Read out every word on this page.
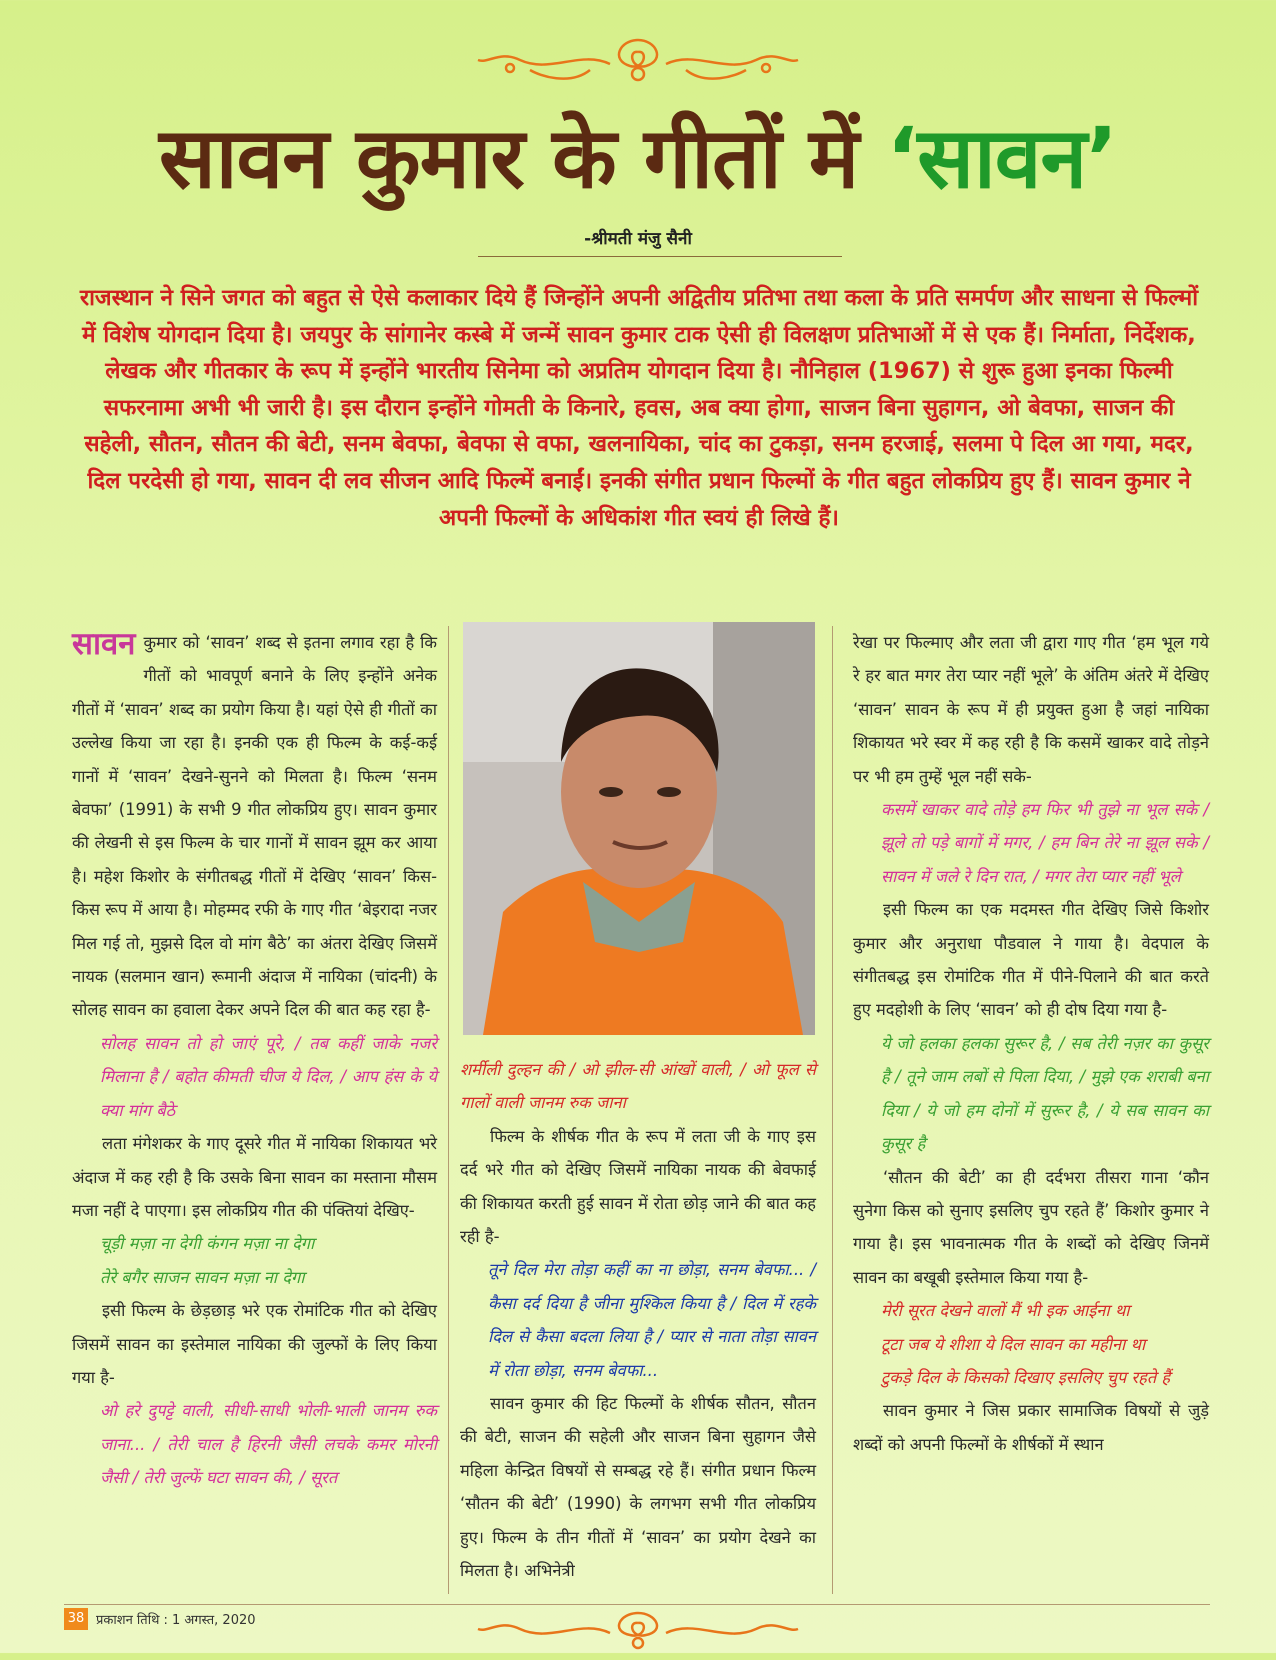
सावन कुमार के गीतों में ‘सावन’
-श्रीमती मंजु सैनी
राजस्थान ने सिने जगत को बहुत से ऐसे कलाकार दिये हैं जिन्होंने अपनी अद्वितीय प्रतिभा तथा कला के प्रति समर्पण और साधना से फिल्मों में विशेष योगदान दिया है। जयपुर के सांगानेर कस्बे में जन्में सावन कुमार टाक ऐसी ही विलक्षण प्रतिभाओं में से एक हैं। निर्माता, निर्देशक, लेखक और गीतकार के रूप में इन्होंने भारतीय सिनेमा को अप्रतिम योगदान दिया है। नौनिहाल (1967) से शुरू हुआ इनका फिल्मी सफरनामा अभी भी जारी है। इस दौरान इन्होंने गोमती के किनारे, हवस, अब क्या होगा, साजन बिना सुहागन, ओ बेवफा, साजन की सहेली, सौतन, सौतन की बेटी, सनम बेवफा, बेवफा से वफा, खलनायिका, चांद का टुकड़ा, सनम हरजाई, सलमा पे दिल आ गया, मदर, दिल परदेसी हो गया, सावन दी लव सीजन आदि फिल्में बनाईं। इनकी संगीत प्रधान फिल्मों के गीत बहुत लोकप्रिय हुए हैं। सावन कुमार ने अपनी फिल्मों के अधिकांश गीत स्वयं ही लिखे हैं।

सावन कुमार को ‘सावन’ शब्द से इतना लगाव रहा है कि गीतों को भावपूर्ण बनाने के लिए इन्होंने अनेक गीतों में ‘सावन’ शब्द का प्रयोग किया है। यहां ऐसे ही गीतों का उल्लेख किया जा रहा है। इनकी एक ही फिल्म के कई-कई गानों में ‘सावन’ देखने-सुनने को मिलता है। फिल्म ‘सनम बेवफा’ (1991) के सभी 9 गीत लोकप्रिय हुए। सावन कुमार की लेखनी से इस फिल्म के चार गानों में सावन झूम कर आया है। महेश किशोर के संगीतबद्ध गीतों में देखिए ‘सावन’ किस-किस रूप में आया है। मोहम्मद रफी के गाए गीत ‘बेइरादा नजर मिल गई तो, मुझसे दिल वो मांग बैठे’ का अंतरा देखिए जिसमें नायक (सलमान खान) रूमानी अंदाज में नायिका (चांदनी) के सोलह सावन का हवाला देकर अपने दिल की बात कह रहा है-

सोलह सावन तो हो जाएं पूरे, / तब कहीं जाके नजरे मिलाना है / बहोत कीमती चीज ये दिल, / आप हंस के ये क्या मांग बैठे

लता मंगेशकर के गाए दूसरे गीत में नायिका शिकायत भरे अंदाज में कह रही है कि उसके बिना सावन का मस्ताना मौसम मजा नहीं दे पाएगा। इस लोकप्रिय गीत की पंक्तियां देखिए-

चूड़ी मज़ा ना देगी कंगन मज़ा ना देगा
तेरे बगैर साजन सावन मज़ा ना देगा

इसी फिल्म के छेड़छाड़ भरे एक रोमांटिक गीत को देखिए जिसमें सावन का इस्तेमाल नायिका की जुल्फों के लिए किया गया है-

ओ हरे दुपट्टे वाली, सीधी-साधी भोली-भाली जानम रुक जाना... / तेरी चाल है हिरनी जैसी लचके कमर मोरनी जैसी / तेरी जुल्फें घटा सावन की, / सूरत
शर्मीली दुल्हन की / ओ झील-सी आंखों वाली, / ओ फूल से गालों वाली जानम रुक जाना

फिल्म के शीर्षक गीत के रूप में लता जी के गाए इस दर्द भरे गीत को देखिए जिसमें नायिका नायक की बेवफाई की शिकायत करती हुई सावन में रोता छोड़ जाने की बात कह रही है-

तूने दिल मेरा तोड़ा कहीं का ना छोड़ा, सनम बेवफा... / कैसा दर्द दिया है जीना मुश्किल किया है / दिल में रहके दिल से कैसा बदला लिया है / प्यार से नाता तोड़ा सावन में रोता छोड़ा, सनम बेवफा...

सावन कुमार की हिट फिल्मों के शीर्षक सौतन, सौतन की बेटी, साजन की सहेली और साजन बिना सुहागन जैसे महिला केन्द्रित विषयों से सम्बद्ध रहे हैं। संगीत प्रधान फिल्म ‘सौतन की बेटी’ (1990) के लगभग सभी गीत लोकप्रिय हुए। फिल्म के तीन गीतों में ‘सावन’ का प्रयोग देखने का मिलता है। अभिनेत्री

रेखा पर फिल्माए और लता जी द्वारा गाए गीत ‘हम भूल गये रे हर बात मगर तेरा प्यार नहीं भूले’ के अंतिम अंतरे में देखिए ‘सावन’ सावन के रूप में ही प्रयुक्त हुआ है जहां नायिका शिकायत भरे स्वर में कह रही है कि कसमें खाकर वादे तोड़ने पर भी हम तुम्हें भूल नहीं सके-

कसमें खाकर वादे तोड़े हम फिर भी तुझे ना भूल सके / झूले तो पड़े बागों में मगर, / हम बिन तेरे ना झूल सके / सावन में जले रे दिन रात, / मगर तेरा प्यार नहीं भूले

इसी फिल्म का एक मदमस्त गीत देखिए जिसे किशोर कुमार और अनुराधा पौडवाल ने गाया है। वेदपाल के संगीतबद्ध इस रोमांटिक गीत में पीने-पिलाने की बात करते हुए मदहोशी के लिए ‘सावन’ को ही दोष दिया गया है-

ये जो हलका हलका सुरूर है, / सब तेरी नज़र का कुसूर है / तूने जाम लबों से पिला दिया, / मुझे एक शराबी बना दिया / ये जो हम दोनों में सुरूर है, / ये सब सावन का कुसूर है

‘सौतन की बेटी’ का ही दर्दभरा तीसरा गाना ‘कौन सुनेगा किस को सुनाए इसलिए चुप रहते हैं’ किशोर कुमार ने गाया है। इस भावनात्मक गीत के शब्दों को देखिए जिनमें सावन का बखूबी इस्तेमाल किया गया है-

मेरी सूरत देखने वालों मैं भी इक आईना था
टूटा जब ये शीशा ये दिल सावन का महीना था
टुकड़े दिल के किसको दिखाए इसलिए चुप रहते हैं

सावन कुमार ने जिस प्रकार सामाजिक विषयों से जुड़े शब्दों को अपनी फिल्मों के शीर्षकों में स्थान

38 प्रकाशन तिथि : 1 अगस्त, 2020
